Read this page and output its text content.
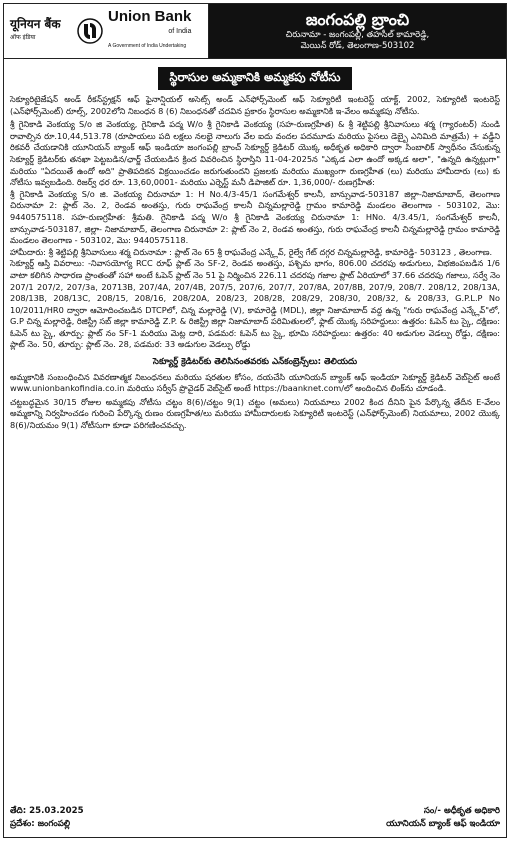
यूनियन बैंक
ऑफ इंडिया
Union Bank
of India
A Government of India Undertaking
జంగంపల్లి బ్రాంచి
చిరునామా - జంగంపల్లి, తహసీల్ కామారెడ్డి,
మెయిన్ రోడ్, తెలంగాణ-503102
స్థిరాసుల అమ్మకానికి అమ్మకపు నోటీసు

సెక్యూరిటైజేషన్ అండ్ రీకన్‌స్ట్రక్షన్ ఆఫ్ ఫైనాన్షియల్ అసెట్స్ అండ్ ఎన్‌ఫోర్స్‌మెంట్ ఆఫ్ సెక్యూరిటీ ఇంటరెస్ట్ యాక్ట్, 2002, సెక్యూరిటీ ఇంటరెస్ట్ (ఎన్‌ఫోర్స్‌మెంట్) రూల్స్, 2002లోని నిబంధన 8 (6) నిబంధనతో చదవిన ప్రకారం స్థిరాసుల అమ్మకానికి ఇ-వేలం అమ్మకపు నోటీసు.

శ్రీ గైనికాడి వెంకయ్య S/o జి వెంకయ్య, గైనికాడి పద్మ W/o శ్రీ గైనికాడి వెంకయ్య (సహ-రుణగ్రహీత) & శ్రీ శెట్టిపల్లి శ్రీనివాసులు శర్మ (గ్యారంటర్) నుండి రావాల్సిన రూ.10,44,513.78 (రూపాయలు పది లక్షలు నలభై నాలుగు వేల ఐదు వందల పదమూడు మరియు పైసలు డెబ్బై ఎనిమిది మాత్రమే) + వడ్డీని రికవరీ చేయడానికి యూనియన్ బ్యాంక్ ఆఫ్ ఇండియా జంగంపల్లి బ్రాంచ్ సెక్యూర్డ్ క్రెడిటర్ యొక్క అధీకృత అధికారి ద్వారా సింబాలిక్ స్వాధీనం చేసుకున్న సెక్యూర్డ్ క్రెడిటర్‌కు తనఖా పెట్టబడిన/ఛార్జ్ చేయబడిన క్రింద వివరించిన స్థిరాస్తిని 11-04-2025న "ఎక్కడ ఎలా ఉందో అక్కడ అలా", "ఉన్నది ఉన్నట్లుగా" మరియు "ఏదయితే ఉందో అది" ప్రాతిపదికన విక్రయించడం జరుగుతుందని ప్రజలకు మరియు ముఖ్యంగా రుణగ్రహీత (లు) మరియు హామీదారు (లు) కు నోటీసు ఇవ్వబడింది. రిజర్వ్ ధర రూ. 13,60,0001- మరియు ఎర్నెస్ట్ మనీ డిపాజిట్ రూ. 1,36,000/- రుణగ్రహీత:

శ్రీ గైనికాడి వెంకయ్య S/o జి. వెంకయ్య చిరునామా 1: H No.4/3-45/1 సంగమేశ్వర్ కాలనీ, బాన్సువాడ-503187 జిల్లా-నిజామాబాద్, తెలంగాణ చిరునామా 2: ప్లాట్ నెం. 2, రెండవ అంతస్తు, గురు రాఘవేంద్ర కాలనీ చిన్నమల్లారెడ్డి గ్రామం కామారెడ్డి మండలం తెలంగాణ - 503102, మొ: 9440575118. సహ-రుణగ్రహీత: శ్రీమతి. గైనికాడి పద్మ W/o శ్రీ గైనికాడి వెంకయ్య చిరునామా 1: HNo. 4/3.45/1, సంగమేశ్వర్ కాలనీ, బాన్సువాడ-503187, జిల్లా- నిజామాబాద్, తెలంగాణ చిరునామా 2: ప్లాట్ నెం 2, రెండవ అంతస్తు, గురు రాఘవేంద్ర కాలనీ చిన్నమల్లారెడ్డి గ్రామం కామారెడ్డి మండలం తెలంగాణ - 503102, మొ: 9440575118.

హామీదారు: శ్రీ శెట్టిపల్లి శ్రీనివాసులు శర్మ చిరునామా : ప్లాట్ నెం 65 శ్రీ రాఘవేంద్ర ఎన్క్లేవ్, రైల్వే గేట్ దగ్గర చిన్నమల్లారెడ్డి, కామారెడ్డి- 503123 , తెలంగాణ.

సెక్యూర్డ్ ఆస్తి వివరాలు: -నివాసయోగ్య RCC రూఫ్ ప్లాట్ నెం SF-2, రెండవ అంతస్తు, పశ్చిమ భాగం, 806.00 చదరపు అడుగులు, విభజింపబడిన 1/6 వాటా కలిగిన సాధారణ ప్రాంతంతో సహా అంటే ఓపెన్ ప్లాట్ నెం 51 పై నిర్మించిన 226.11 చదరపు గజాల ప్లాట్ ఏరియాలో 37.66 చదరపు గజాలు, సర్వే నెం 207/1 207/2, 207/3a, 20713B, 207/4A, 207/4B, 207/5, 207/6, 207/7, 207/8A, 207/8B, 207/9, 208/7. 208/12, 208/13A, 208/13B, 208/13C, 208/15, 208/16, 208/20A, 208/23, 208/28, 208/29, 208/30, 208/32, & 208/33, G.P.L.P No 10/2011/HR0 ద్వారా ఆమోదించబడిన DTCPలో, చిన్న మల్లారెడ్డి (V), కామారెడ్డి (MDL), జిల్లా నిజామాబాద్ వద్ద ఉన్న "గురు రాఘవేంద్ర ఎన్క్లేవ్"లో, G.P చిన్న మల్లారెడ్డి, రిజిస్ట్రీ సబ్ జిల్లా కామారెడ్డి Z.P. & రిజిస్ట్రీ జిల్లా నిజామాబాద్ పరిమితులలో, ఫ్లాట్ యొక్క సరిహద్దులు: ఉత్తరం: ఓపెన్ టు స్కై, దక్షిణం: ఓపెన్ టు స్కై, తూర్పు: ప్లాట్ నం SF-1 మరియు మెట్ల దారి, పడమర: ఓపెన్ టు స్కై, భూమి సరిహద్దులు: ఉత్తరం: 40 అడుగుల వెడల్పు రోడ్డు, దక్షిణం: ప్లాట్ నెం. 50, తూర్పు: ప్లాట్ నెం. 28, పడమర: 33 అడుగుల వెడల్పు రోడ్డు

సెక్యూర్డ్ క్రెడిటర్‌కు తెలిసినంతవరకు ఎన్‌కంబ్రెన్స్‌లు: తెలియదు

అమ్మకానికి సంబంధించిన వివరణాత్మక నిబంధనలు మరియు షరతుల కోసం, దయచేసి యూనియన్ బ్యాంక్ ఆఫ్ ఇండియా సెక్యూర్డ్ క్రెడిటర్ వెబ్‌సైట్ అంటే www.unionbankofindia.co.in మరియు సర్వీస్ ప్రొవైడర్ వెబ్‌సైట్ అంటే https://baanknet.com/లో అందించిన లింక్‌ను చూడండి.

చట్టబద్ధమైన 30/15 రోజుల అమ్మకపు నోటీసు చట్టం 8(6)/చట్టం 9(1) చట్టం (అమలు) నియమాలు 2002 కింద దీనిని పైన పేర్కొన్న తేదీన E-వేలం అమ్మకాన్ని నిర్వహించడం గురించి పేర్కొన్న రుణం రుణగ్రహీత/లు మరియు హామీదారులకు సెక్యూరిటీ ఇంటరెస్ట్ (ఎన్‌ఫోర్స్‌మెంట్) నియమాలు, 2002 యొక్క 8(6)/నియమం 9(1) నోటీసుగా కూడా పరిగణించవచ్చు.

తేది: 25.03.2025	సం/- అధీకృత అధికారి
ప్రదేశం: జంగంపల్లి	యూనియన్ బ్యాంక్ ఆఫ్ ఇండియా
